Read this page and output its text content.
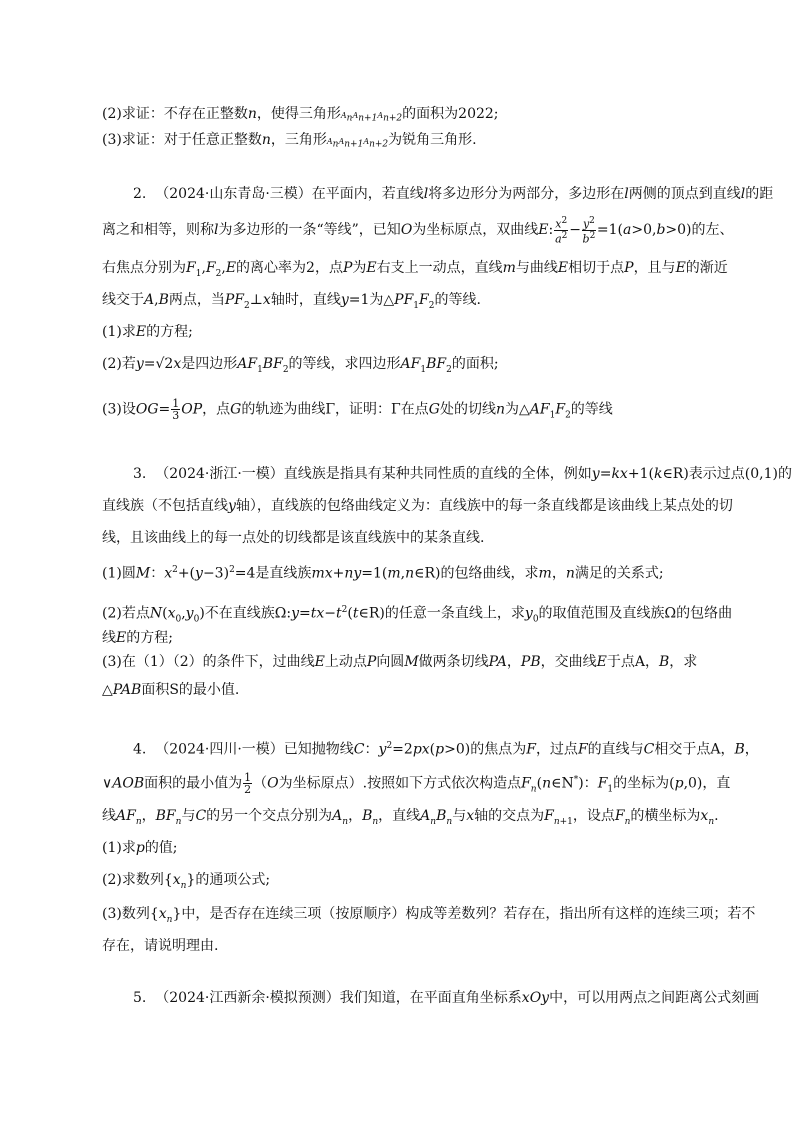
(2)求证：不存在正整数n，使得三角形$A_nA_{n+1}A_{n+2}$的面积为2022;
(3)求证：对于任意正整数n，三角形$A_nA_{n+1}A_{n+2}$为锐角三角形.
2.  （2024·山东青岛·三模）在平面内，若直线l将多边形分为两部分，多边形在l两侧的顶点到直线l的距
离之和相等，则称l为多边形的一条“等线”，已知O为坐标原点，双曲线E: $\frac{x^2}{a^2} - \frac{y^2}{b^2} =1(a>0,b>0)$的左、
右焦点分别为$F_1,F_2,E$的离心率为2，点P为E右支上一动点，直线m与曲线E相切于点P，且与E的渐近
线交于A,B两点，当$PF_2\perp x$轴时，直线y=1为$\triangle PF_1F_2$的等线.
(1)求E的方程;
(2)若y=√2x是四边形$AF_1BF_2$的等线，求四边形$AF_1BF_2$的面积;
(3)设$OG= \frac{1}{3}$ OP，点G的轨迹为曲线Γ，证明：Γ在点G处的切线n为$\triangle AF_1F_2$的等线
3.  （2024·浙江·一模）直线族是指具有某种共同性质的直线的全体，例如y=kx+1(k∈R)表示过点(0,1)的
直线族（不包括直线y轴），直线族的包络曲线定义为：直线族中的每一条直线都是该曲线上某点处的切
线，且该曲线上的每一点处的切线都是该直线族中的某条直线.
(1)圆M：$x^2+(y-3)^2=4$是直线族mx+ny=1(m,n∈R)的包络曲线，求m，n满足的关系式;
(2)若点$N(x_0,y_0)$不在直线族$\Omega:y=tx-t^2(t\in R)$的任意一条直线上，求$y_0$的取值范围及直线族Ω的包络曲
线E的方程;
(3)在（1）（2）的条件下，过曲线E上动点P向圆M做两条切线PA，PB，交曲线E于点A，B，求
△PAB面积S的最小值.
4.  （2024·四川·一模）已知抛物线C：$y^2=2px(p>0)$的焦点为F，过点F的直线与C相交于点A，B，
∨AOB面积的最小值为 $\frac{1}{2} (O$为坐标原点）.按照如下方式依次构造点$F_n(n\in N^*)$：$F_1$的坐标为(p,0)，直
线$AF_n$，$BF_n$与C的另一个交点分别为$A_n$，$B_n$，直线$A_nB_n$与x轴的交点为$F_{n+1}$，设点$F_n$的横坐标为$x_n$.
(1)求p的值;
(2)求数列$\{x_n\}$的通项公式;
(3)数列$\{x_n\}$中，是否存在连续三项（按原顺序）构成等差数列？若存在，指出所有这样的连续三项；若不
存在，请说明理由.
5.  （2024·江西新余·模拟预测）我们知道，在平面直角坐标系xOy中，可以用两点之间距离公式刻画
